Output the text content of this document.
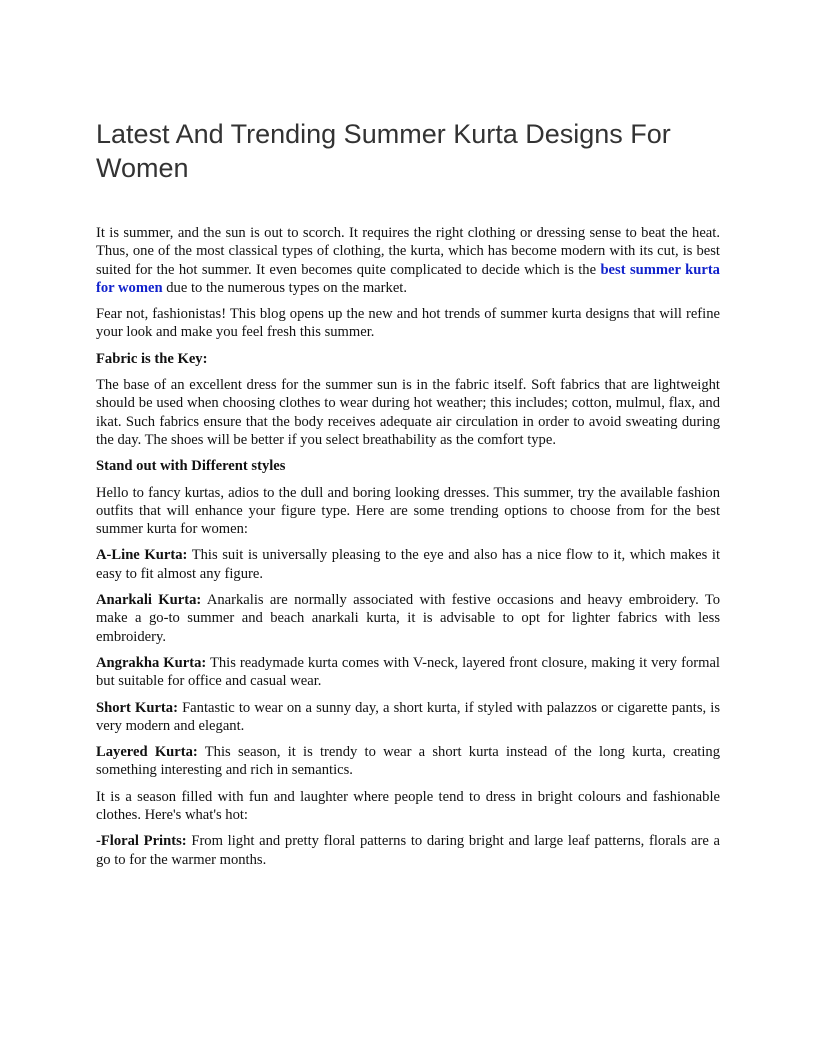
Latest And Trending Summer Kurta Designs For Women

It is summer, and the sun is out to scorch. It requires the right clothing or dressing sense to beat the heat. Thus, one of the most classical types of clothing, the kurta, which has become modern with its cut, is best suited for the hot summer. It even becomes quite complicated to decide which is the best summer kurta for women due to the numerous types on the market.

Fear not, fashionistas! This blog opens up the new and hot trends of summer kurta designs that will refine your look and make you feel fresh this summer.

Fabric is the Key:

The base of an excellent dress for the summer sun is in the fabric itself. Soft fabrics that are lightweight should be used when choosing clothes to wear during hot weather; this includes; cotton, mulmul, flax, and ikat. Such fabrics ensure that the body receives adequate air circulation in order to avoid sweating during the day. The shoes will be better if you select breathability as the comfort type.

Stand out with Different styles

Hello to fancy kurtas, adios to the dull and boring looking dresses. This summer, try the available fashion outfits that will enhance your figure type. Here are some trending options to choose from for the best summer kurta for women:

A-Line Kurta: This suit is universally pleasing to the eye and also has a nice flow to it, which makes it easy to fit almost any figure.

Anarkali Kurta: Anarkalis are normally associated with festive occasions and heavy embroidery. To make a go-to summer and beach anarkali kurta, it is advisable to opt for lighter fabrics with less embroidery.

Angrakha Kurta: This readymade kurta comes with V-neck, layered front closure, making it very formal but suitable for office and casual wear.

Short Kurta: Fantastic to wear on a sunny day, a short kurta, if styled with palazzos or cigarette pants, is very modern and elegant.

Layered Kurta: This season, it is trendy to wear a short kurta instead of the long kurta, creating something interesting and rich in semantics.

It is a season filled with fun and laughter where people tend to dress in bright colours and fashionable clothes. Here's what's hot:

-Floral Prints: From light and pretty floral patterns to daring bright and large leaf patterns, florals are a go to for the warmer months.
